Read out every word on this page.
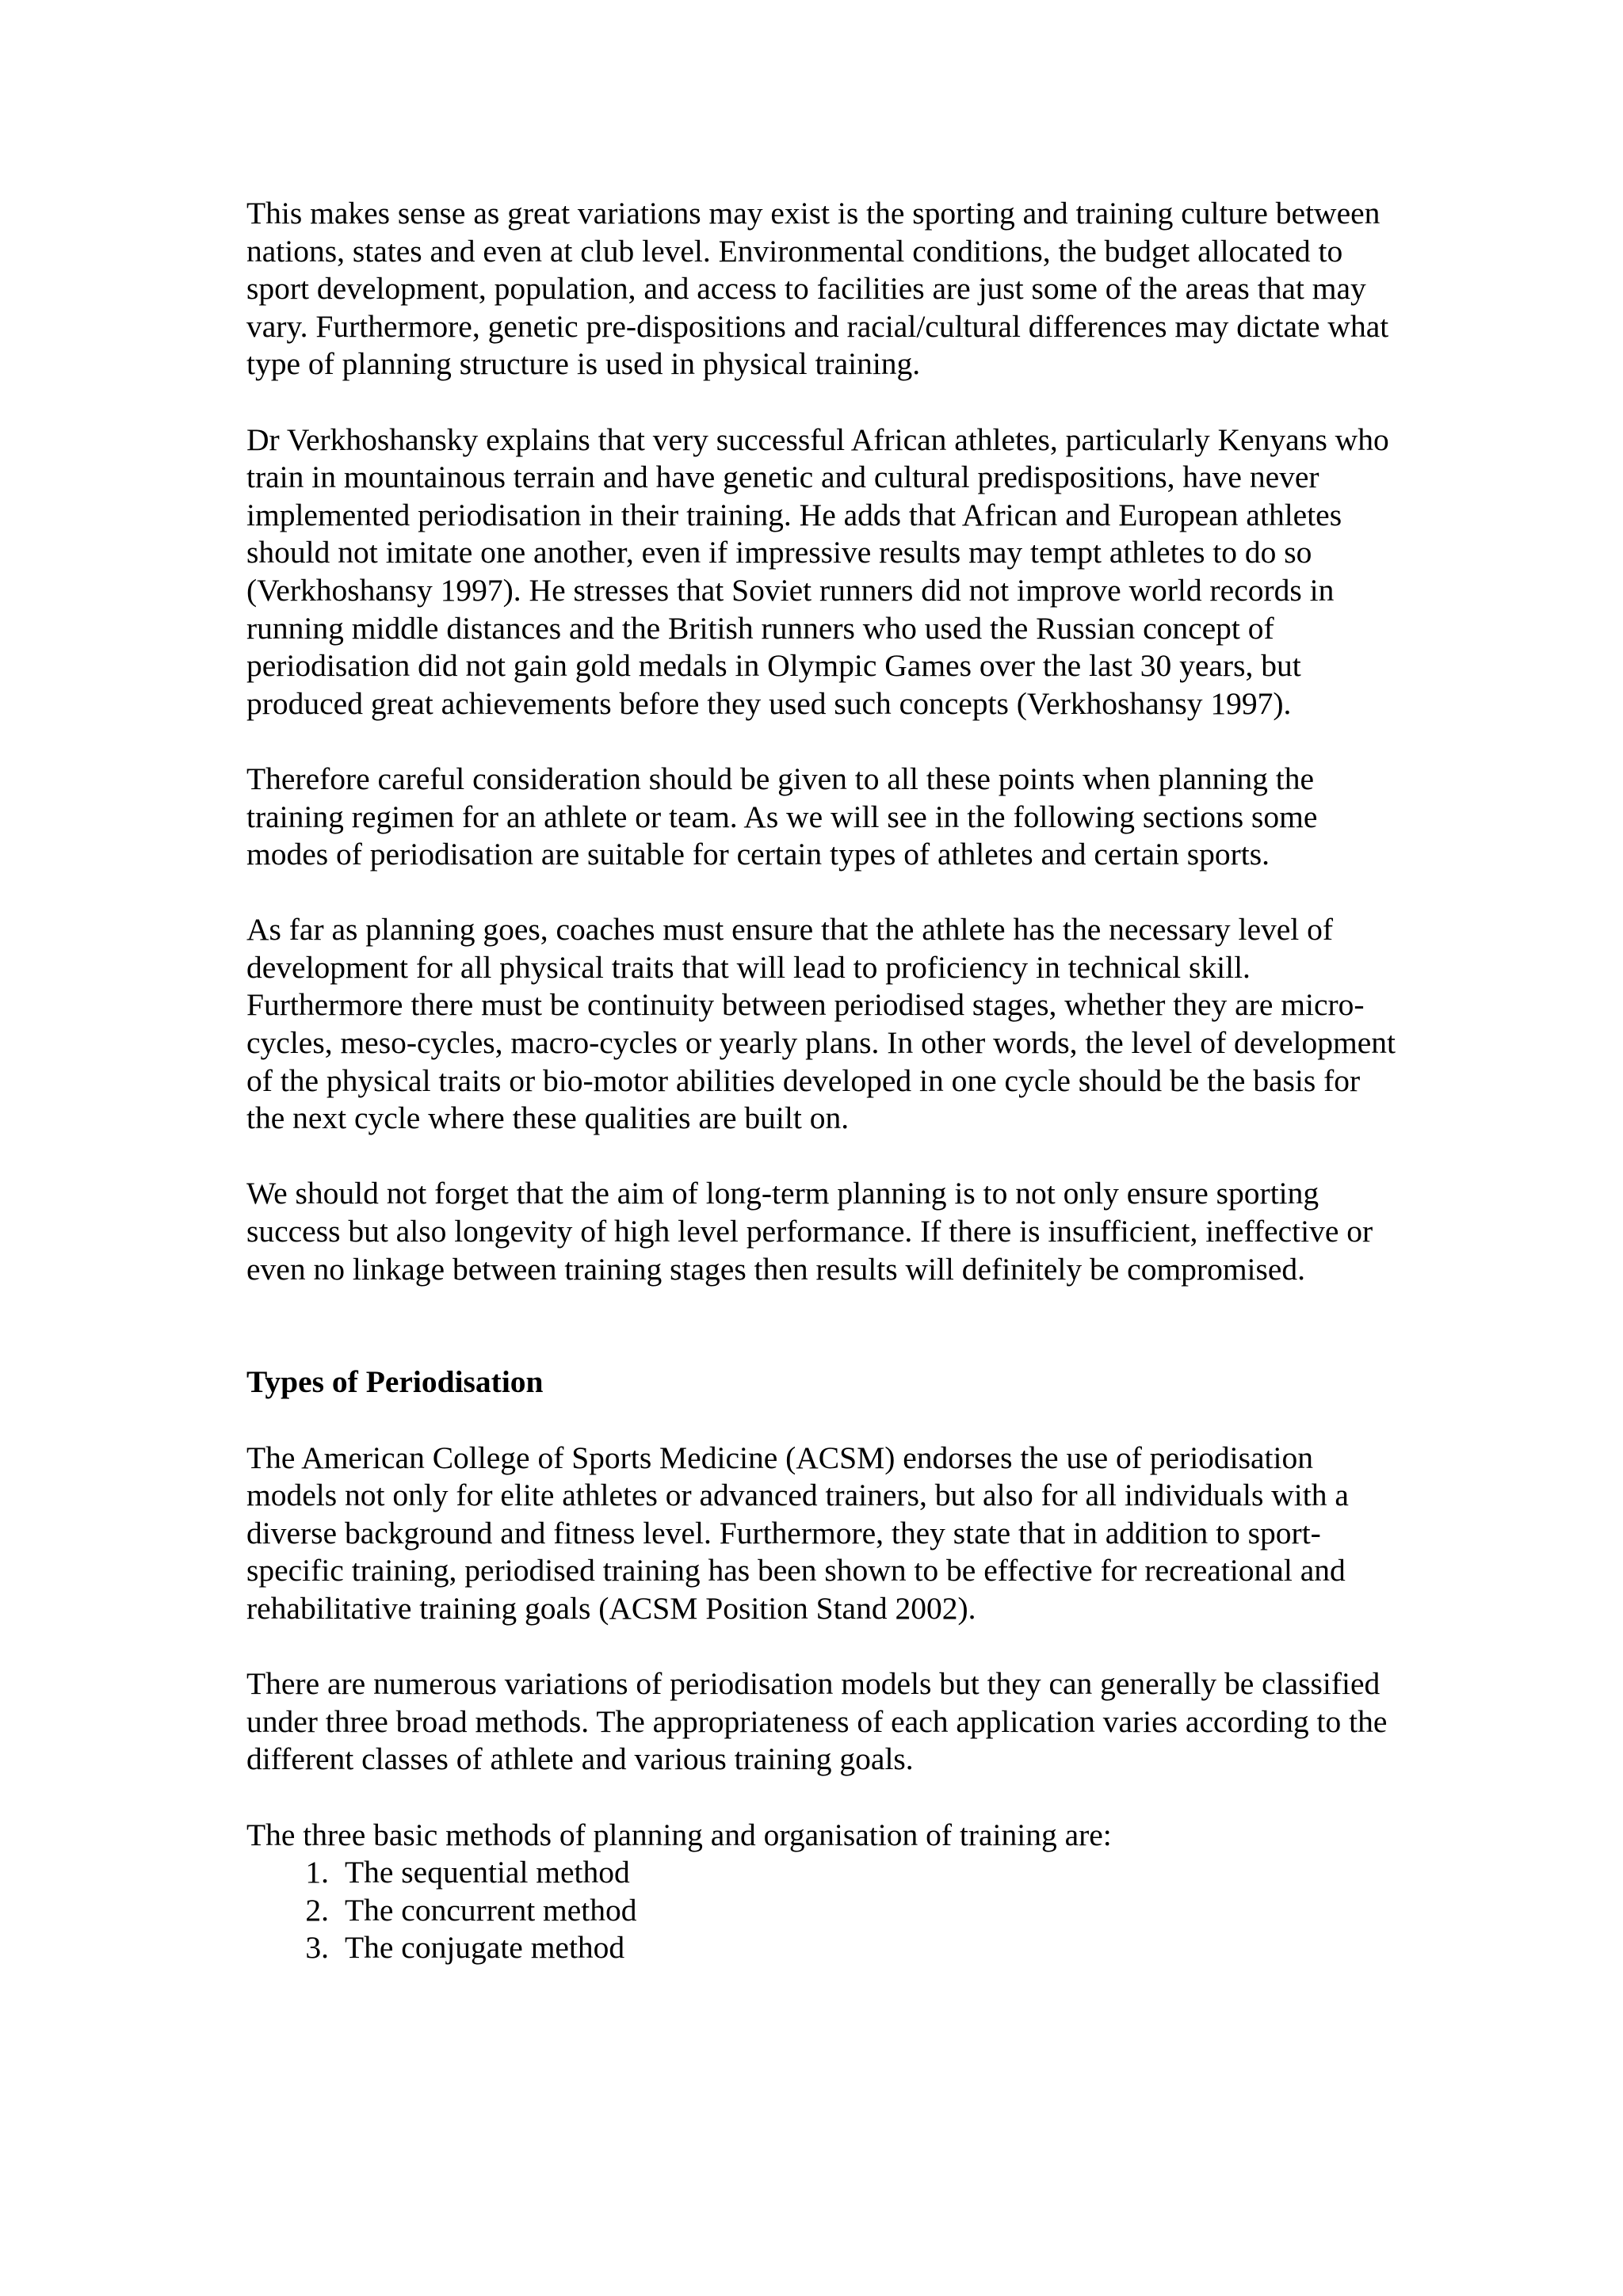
This makes sense as great variations may exist is the sporting and training culture between nations, states and even at club level. Environmental conditions, the budget allocated to sport development, population, and access to facilities are just some of the areas that may vary. Furthermore, genetic pre-dispositions and racial/cultural differences may dictate what type of planning structure is used in physical training.

Dr Verkhoshansky explains that very successful African athletes, particularly Kenyans who train in mountainous terrain and have genetic and cultural predispositions, have never implemented periodisation in their training. He adds that African and European athletes should not imitate one another, even if impressive results may tempt athletes to do so (Verkhoshansy 1997). He stresses that Soviet runners did not improve world records in running middle distances and the British runners who used the Russian concept of periodisation did not gain gold medals in Olympic Games over the last 30 years, but produced great achievements before they used such concepts (Verkhoshansy 1997).

Therefore careful consideration should be given to all these points when planning the training regimen for an athlete or team. As we will see in the following sections some modes of periodisation are suitable for certain types of athletes and certain sports.

As far as planning goes, coaches must ensure that the athlete has the necessary level of development for all physical traits that will lead to proficiency in technical skill. Furthermore there must be continuity between periodised stages, whether they are micro-cycles, meso-cycles, macro-cycles or yearly plans. In other words, the level of development of the physical traits or bio-motor abilities developed in one cycle should be the basis for the next cycle where these qualities are built on.

We should not forget that the aim of long-term planning is to not only ensure sporting success but also longevity of high level performance. If there is insufficient, ineffective or even no linkage between training stages then results will definitely be compromised.

Types of Periodisation

The American College of Sports Medicine (ACSM) endorses the use of periodisation models not only for elite athletes or advanced trainers, but also for all individuals with a diverse background and fitness level. Furthermore, they state that in addition to sport-specific training, periodised training has been shown to be effective for recreational and rehabilitative training goals (ACSM Position Stand 2002).

There are numerous variations of periodisation models but they can generally be classified under three broad methods. The appropriateness of each application varies according to the different classes of athlete and various training goals.

The three basic methods of planning and organisation of training are:

1. The sequential method
2. The concurrent method
3. The conjugate method
